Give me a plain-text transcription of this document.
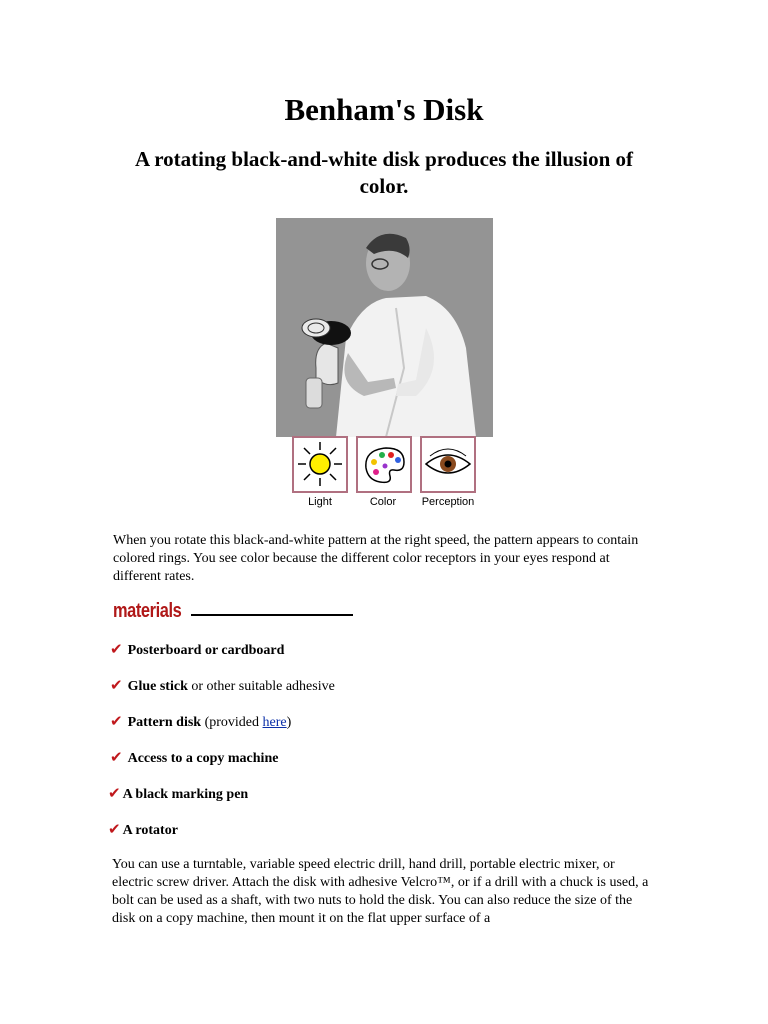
Benham's Disk
A rotating black-and-white disk produces the illusion of color.
Light	Color	Perception

When you rotate this black-and-white pattern at the right speed, the pattern appears to contain colored rings. You see color because the different color receptors in your eyes respond at different rates.

materials
✔ Posterboard or cardboard
✔ Glue stick or other suitable adhesive
✔ Pattern disk (provided here)
✔ Access to a copy machine
✔ A black marking pen
✔ A rotator

You can use a turntable, variable speed electric drill, hand drill, portable electric mixer, or electric screw driver. Attach the disk with adhesive Velcro™, or if a drill with a chuck is used, a bolt can be used as a shaft, with two nuts to hold the disk. You can also reduce the size of the disk on a copy machine, then mount it on the flat upper surface of a
